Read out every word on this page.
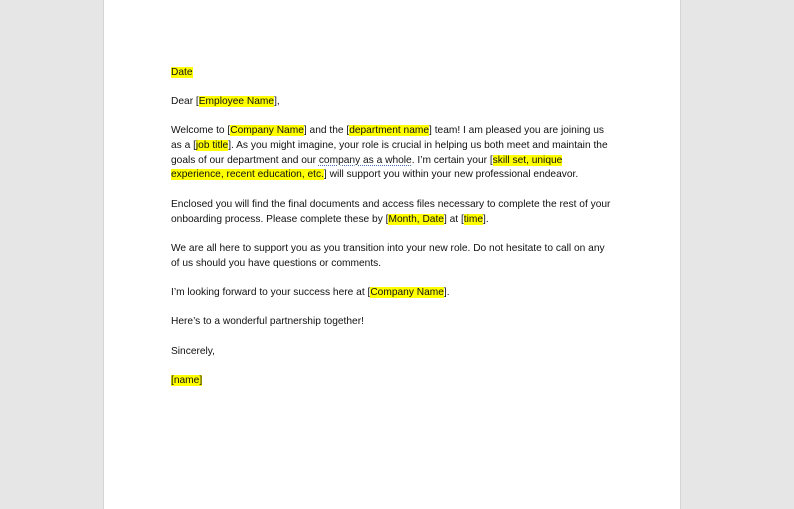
Date

Dear [Employee Name],

Welcome to [Company Name] and the [department name] team! I am pleased you are joining us as a [job title]. As you might imagine, your role is crucial in helping us both meet and maintain the goals of our department and our company as a whole. I’m certain your [skill set, unique experience, recent education, etc.] will support you within your new professional endeavor.

Enclosed you will find the final documents and access files necessary to complete the rest of your onboarding process. Please complete these by [Month, Date] at [time].

We are all here to support you as you transition into your new role. Do not hesitate to call on any of us should you have questions or comments.

I’m looking forward to your success here at [Company Name].

Here’s to a wonderful partnership together!

Sincerely,

[name]
